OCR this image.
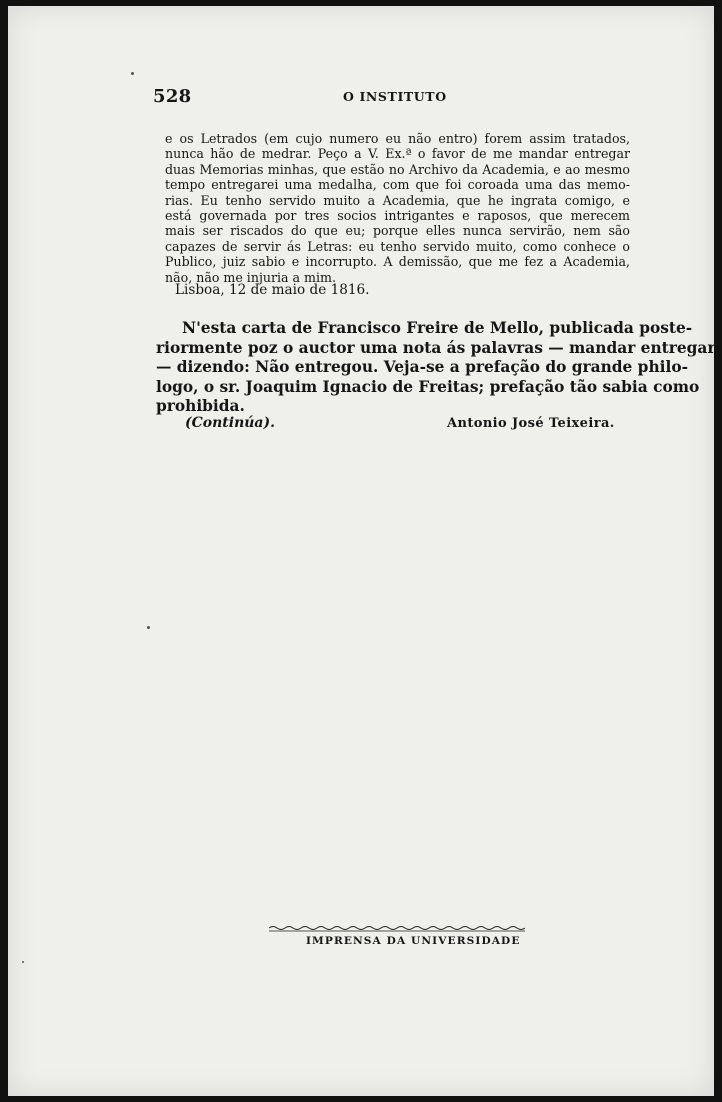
528	O INSTITUTO
e os Letrados (em cujo numero eu não entro) forem assim tratados,
nunca hão de medrar. Peço a V. Ex.ª o favor de me mandar entregar
duas Memorias minhas, que estão no Archivo da Academia, e ao mesmo
tempo entregarei uma medalha, com que foi coroada uma das memo-
rias. Eu tenho servido muito a Academia, que he ingrata comigo, e
está governada por tres socios intrigantes e raposos, que merecem
mais ser riscados do que eu; porque elles nunca servirão, nem são
capazes de servir ás Letras: eu tenho servido muito, como conhece o
Publico, juiz sabio e incorrupto. A demissão, que me fez a Academia,
não, não me injuria a mim.
Lisboa, 12 de maio de 1816.
N'esta carta de Francisco Freire de Mello, publicada poste-
riormente poz o auctor uma nota ás palavras — mandar entregar
— dizendo: Não entregou. Veja-se a prefação do grande philo-
logo, o sr. Joaquim Ignacio de Freitas; prefação tão sabia como
prohibida.
(Continúa).	Antonio José Teixeira.
IMPRENSA DA UNIVERSIDADE
